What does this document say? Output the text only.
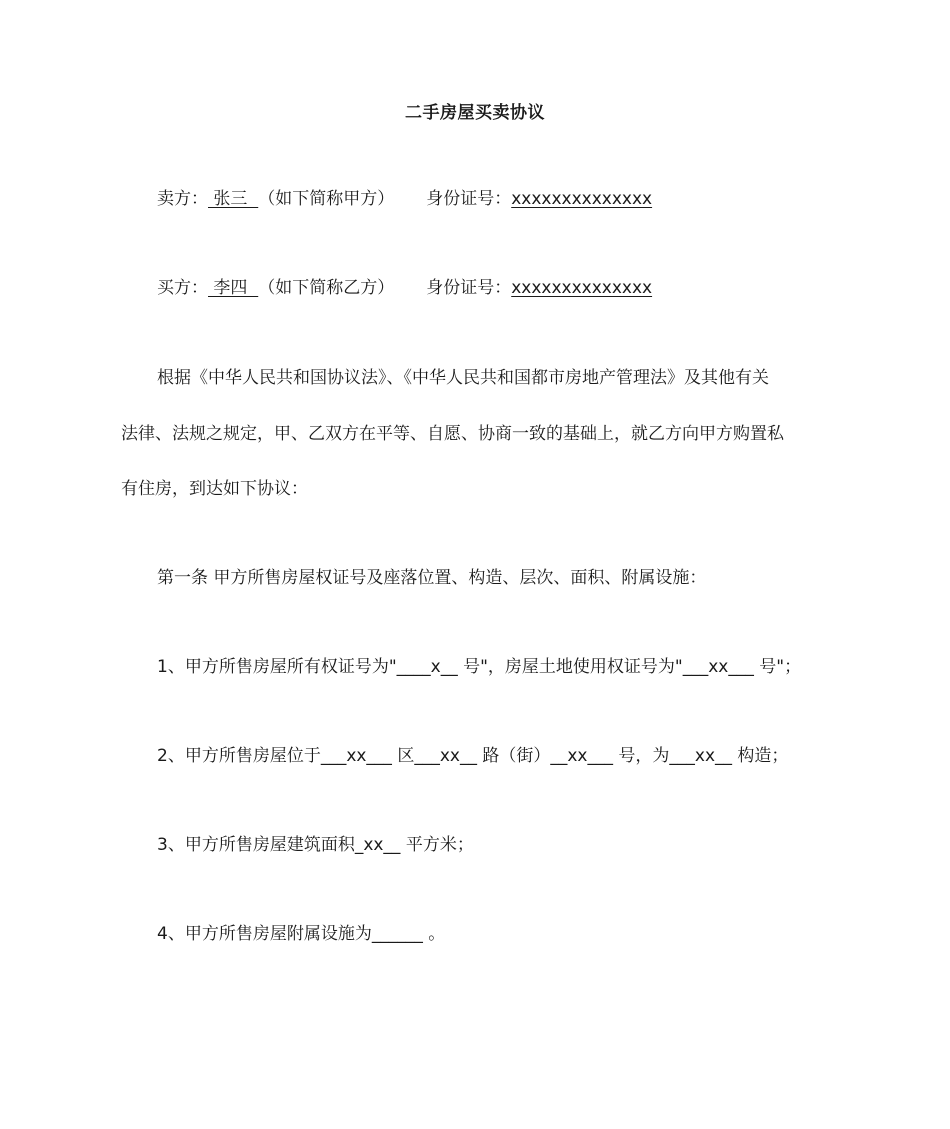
二手房屋买卖协议
卖方： 张三  （如下简称甲方） 身份证号：xxxxxxxxxxxxxx
买方： 李四  （如下简称乙方） 身份证号：xxxxxxxxxxxxxx
根据《中华人民共和国协议法》、《中华人民共和国都市房地产管理法》及其他有关
法律、法规之规定，甲、乙双方在平等、自愿、协商一致的基础上，就乙方向甲方购置私
有住房，到达如下协议：
第一条 甲方所售房屋权证号及座落位置、构造、层次、面积、附属设施：
1、甲方所售房屋所有权证号为"____x__ 号"，房屋土地使用权证号为"___xx___ 号"；
2、甲方所售房屋位于___xx___ 区___xx__ 路（街）__xx___ 号，为___xx__ 构造；
3、甲方所售房屋建筑面积_xx__ 平方米；
4、甲方所售房屋附属设施为______ 。
